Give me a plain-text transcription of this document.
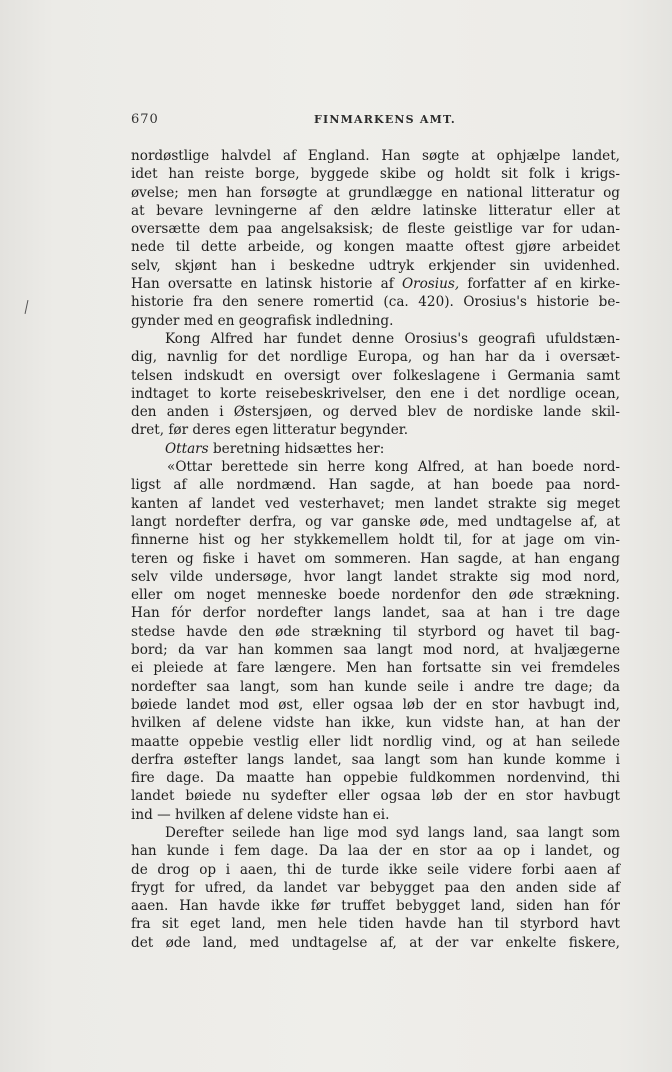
670	FINMARKENS AMT.

nordøstlige halvdel af England. Han søgte at ophjælpe landet,
idet han reiste borge, byggede skibe og holdt sit folk i krigs-
øvelse; men han forsøgte at grundlægge en national litteratur og
at bevare levningerne af den ældre latinske litteratur eller at
oversætte dem paa angelsaksisk; de fleste geistlige var for udan-
nede til dette arbeide, og kongen maatte oftest gjøre arbeidet
selv, skjønt han i beskedne udtryk erkjender sin uvidenhed.
Han oversatte en latinsk historie af Orosius, forfatter af en kirke-
historie fra den senere romertid (ca. 420). Orosius's historie be-
gynder med en geografisk indledning.

Kong Alfred har fundet denne Orosius's geografi ufuldstæn-
dig, navnlig for det nordlige Europa, og han har da i oversæt-
telsen indskudt en oversigt over folkeslagene i Germania samt
indtaget to korte reisebeskrivelser, den ene i det nordlige ocean,
den anden i Østersjøen, og derved blev de nordiske lande skil-
dret, før deres egen litteratur begynder.

Ottars beretning hidsættes her:

«Ottar berettede sin herre kong Alfred, at han boede nord-
ligst af alle nordmænd. Han sagde, at han boede paa nord-
kanten af landet ved vesterhavet; men landet strakte sig meget
langt nordefter derfra, og var ganske øde, med undtagelse af, at
finnerne hist og her stykkemellem holdt til, for at jage om vin-
teren og fiske i havet om sommeren. Han sagde, at han engang
selv vilde undersøge, hvor langt landet strakte sig mod nord,
eller om noget menneske boede nordenfor den øde strækning.
Han fór derfor nordefter langs landet, saa at han i tre dage
stedse havde den øde strækning til styrbord og havet til bag-
bord; da var han kommen saa langt mod nord, at hvaljægerne
ei pleiede at fare længere. Men han fortsatte sin vei fremdeles
nordefter saa langt, som han kunde seile i andre tre dage; da
bøiede landet mod øst, eller ogsaa løb der en stor havbugt ind,
hvilken af delene vidste han ikke, kun vidste han, at han der
maatte oppebie vestlig eller lidt nordlig vind, og at han seilede
derfra østefter langs landet, saa langt som han kunde komme i
fire dage. Da maatte han oppebie fuldkommen nordenvind, thi
landet bøiede nu sydefter eller ogsaa løb der en stor havbugt
ind — hvilken af delene vidste han ei.

Derefter seilede han lige mod syd langs land, saa langt som
han kunde i fem dage. Da laa der en stor aa op i landet, og
de drog op i aaen, thi de turde ikke seile videre forbi aaen af
frygt for ufred, da landet var bebygget paa den anden side af
aaen. Han havde ikke før truffet bebygget land, siden han fór
fra sit eget land, men hele tiden havde han til styrbord havt
det øde land, med undtagelse af, at der var enkelte fiskere,
